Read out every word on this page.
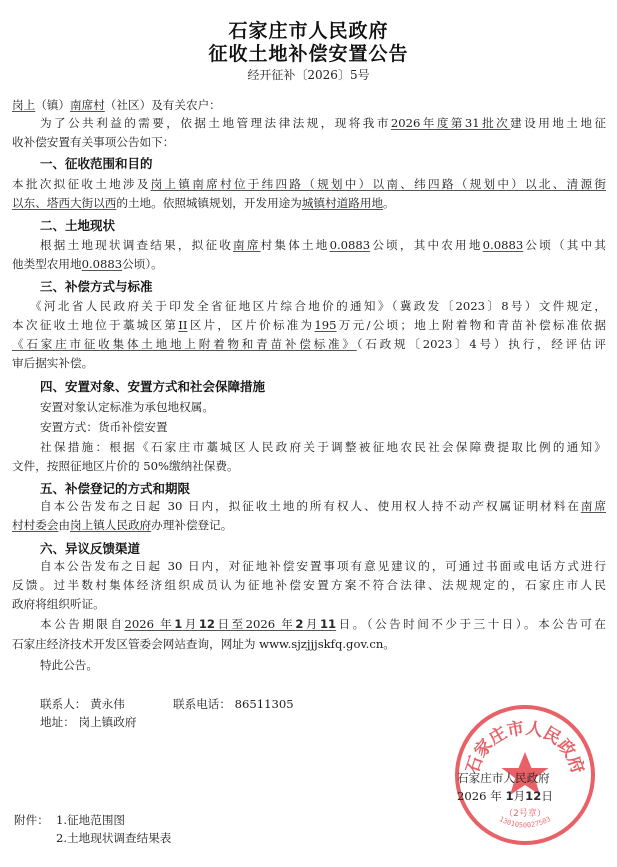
石家庄市人民政府
征收土地补偿安置公告
经开征补〔2026〕5号
岗上（镇）南席村（社区）及有关农户：
为了公共利益的需要，依据土地管理法律法规，现将我市2026年度第31批次建设用地土地征
收补偿安置有关事项公告如下：
一、征收范围和目的
本批次拟征收土地涉及岗上镇南席村位于纬四路（规划中）以南、纬四路（规划中）以北、清源街
以东、塔西大街以西的土地。依照城镇规划，开发用途为城镇村道路用地。
二、土地现状
根据土地现状调查结果，拟征收南席村集体土地0.0883公顷，其中农用地0.0883公顷（其中其
他类型农用地0.0883公顷）。
三、补偿方式与标准
《河北省人民政府关于印发全省征地区片综合地价的通知》（冀政发〔2023〕8号）文件规定，
本次征收土地位于藁城区第II区片，区片价标准为195万元/公顷；地上附着物和青苗补偿标准依据
《石家庄市征收集体土地地上附着物和青苗补偿标准》（石政规〔2023〕4号）执行，经评估评
审后据实补偿。
四、安置对象、安置方式和社会保障措施
安置对象认定标准为承包地权属。
安置方式：货币补偿安置
社保措施：根据《石家庄市藁城区人民政府关于调整被征地农民社会保障费提取比例的通知》
文件，按照征地区片价的 50%缴纳社保费。
五、补偿登记的方式和期限
自本公告发布之日起 30 日内，拟征收土地的所有权人、使用权人持不动产权属证明材料在南席
村村委会由岗上镇人民政府办理补偿登记。
六、异议反馈渠道
自本公告发布之日起 30 日内，对征地补偿安置事项有意见建议的，可通过书面或电话方式进行
反馈。过半数村集体经济组织成员认为征地补偿安置方案不符合法律、法规规定的，石家庄市人民
政府将组织听证。
本公告期限自2026 年1月12日至2026 年2月11日。（公告时间不少于三十日）。本公告可在
石家庄经济技术开发区管委会网站查询，网址为 www.sjzjjjskfq.gov.cn。
特此公告。
联系人： 黄永伟	联系电话： 86511305
地址： 岗上镇政府
石家庄市人民政府
（2号章）
1301050027503
石家庄市人民政府
2026 年 1月12日
附件： 1.征地范围图
2.土地现状调查结果表
